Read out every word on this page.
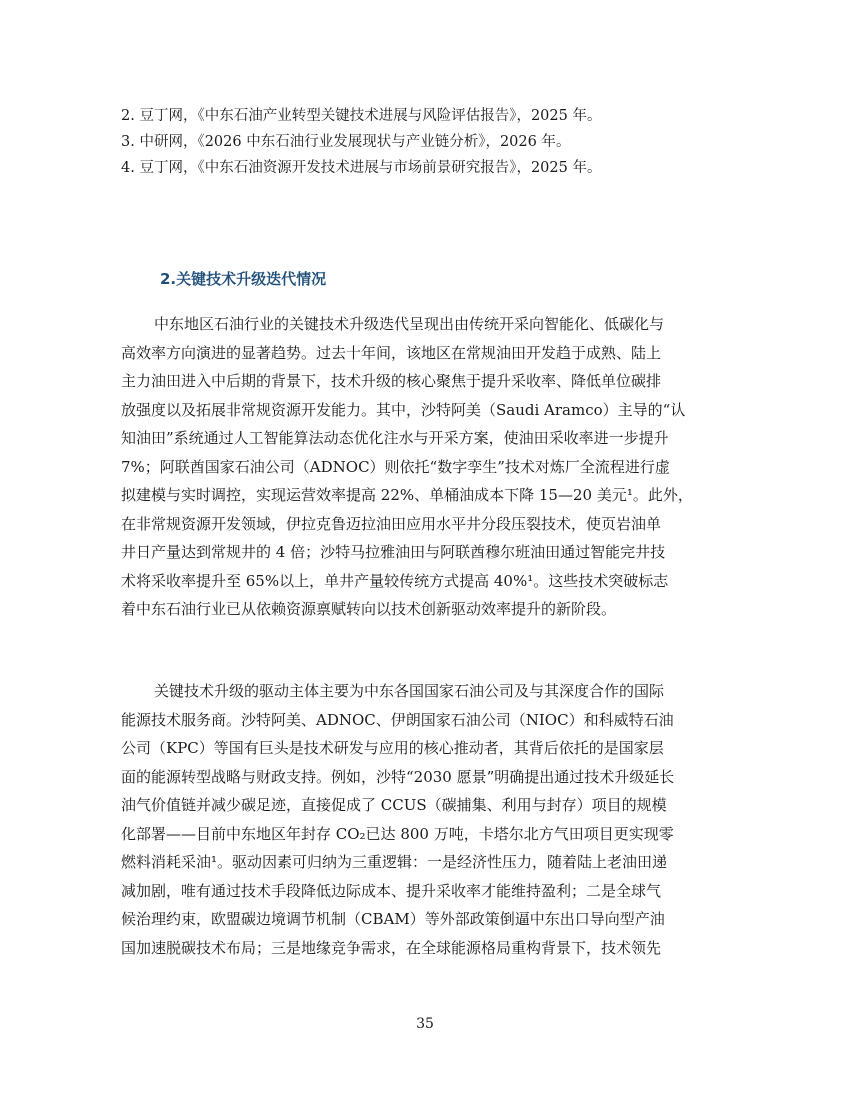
2. 豆丁网，《中东石油产业转型关键技术进展与风险评估报告》，2025 年。
3. 中研网，《2026 中东石油行业发展现状与产业链分析》，2026 年。
4. 豆丁网，《中东石油资源开发技术进展与市场前景研究报告》，2025 年。
2.关键技术升级迭代情况
中东地区石油行业的关键技术升级迭代呈现出由传统开采向智能化、低碳化与
高效率方向演进的显著趋势。过去十年间，该地区在常规油田开发趋于成熟、陆上
主力油田进入中后期的背景下，技术升级的核心聚焦于提升采收率、降低单位碳排
放强度以及拓展非常规资源开发能力。其中，沙特阿美（Saudi Aramco）主导的“认
知油田”系统通过人工智能算法动态优化注水与开采方案，使油田采收率进一步提升
7%；阿联酋国家石油公司（ADNOC）则依托“数字孪生”技术对炼厂全流程进行虚
拟建模与实时调控，实现运营效率提高 22%、单桶油成本下降 15—20 美元¹。此外，
在非常规资源开发领域，伊拉克鲁迈拉油田应用水平井分段压裂技术，使页岩油单
井日产量达到常规井的 4 倍；沙特马拉雅油田与阿联酋穆尔班油田通过智能完井技
术将采收率提升至 65%以上，单井产量较传统方式提高 40%¹。这些技术突破标志
着中东石油行业已从依赖资源禀赋转向以技术创新驱动效率提升的新阶段。
关键技术升级的驱动主体主要为中东各国国家石油公司及与其深度合作的国际
能源技术服务商。沙特阿美、ADNOC、伊朗国家石油公司（NIOC）和科威特石油
公司（KPC）等国有巨头是技术研发与应用的核心推动者，其背后依托的是国家层
面的能源转型战略与财政支持。例如，沙特“2030 愿景”明确提出通过技术升级延长
油气价值链并减少碳足迹，直接促成了 CCUS（碳捕集、利用与封存）项目的规模
化部署——目前中东地区年封存 CO₂已达 800 万吨，卡塔尔北方气田项目更实现零
燃料消耗采油¹。驱动因素可归纳为三重逻辑：一是经济性压力，随着陆上老油田递
减加剧，唯有通过技术手段降低边际成本、提升采收率才能维持盈利；二是全球气
候治理约束，欧盟碳边境调节机制（CBAM）等外部政策倒逼中东出口导向型产油
国加速脱碳技术布局；三是地缘竞争需求，在全球能源格局重构背景下，技术领先
35
